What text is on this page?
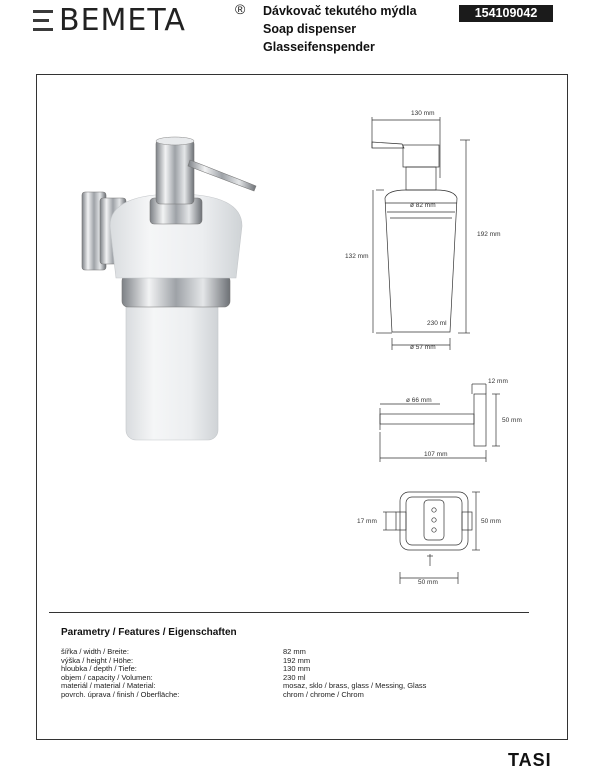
BEMETA	® Dávkovač tekutého mýdla
Soap dispenser
Glasseifenspender
154109042
130 mm
ø 82 mm
192 mm
132 mm
230 ml
ø 57 mm
12 mm
ø 66 mm
50 mm
107 mm
17 mm	50 mm
50 mm
Parametry / Features / Eigenschaften
šířka / width / Breite:	82 mm
výška / height / Höhe:	192 mm
hloubka / depth / Tiefe:	130 mm
objem / capacity / Volumen:	230 ml
materiál / material / Material:	mosaz, sklo / brass, glass / Messing, Glass
povrch. úprava / finish / Oberfläche:	chrom / chrome / Chrom
TASI
